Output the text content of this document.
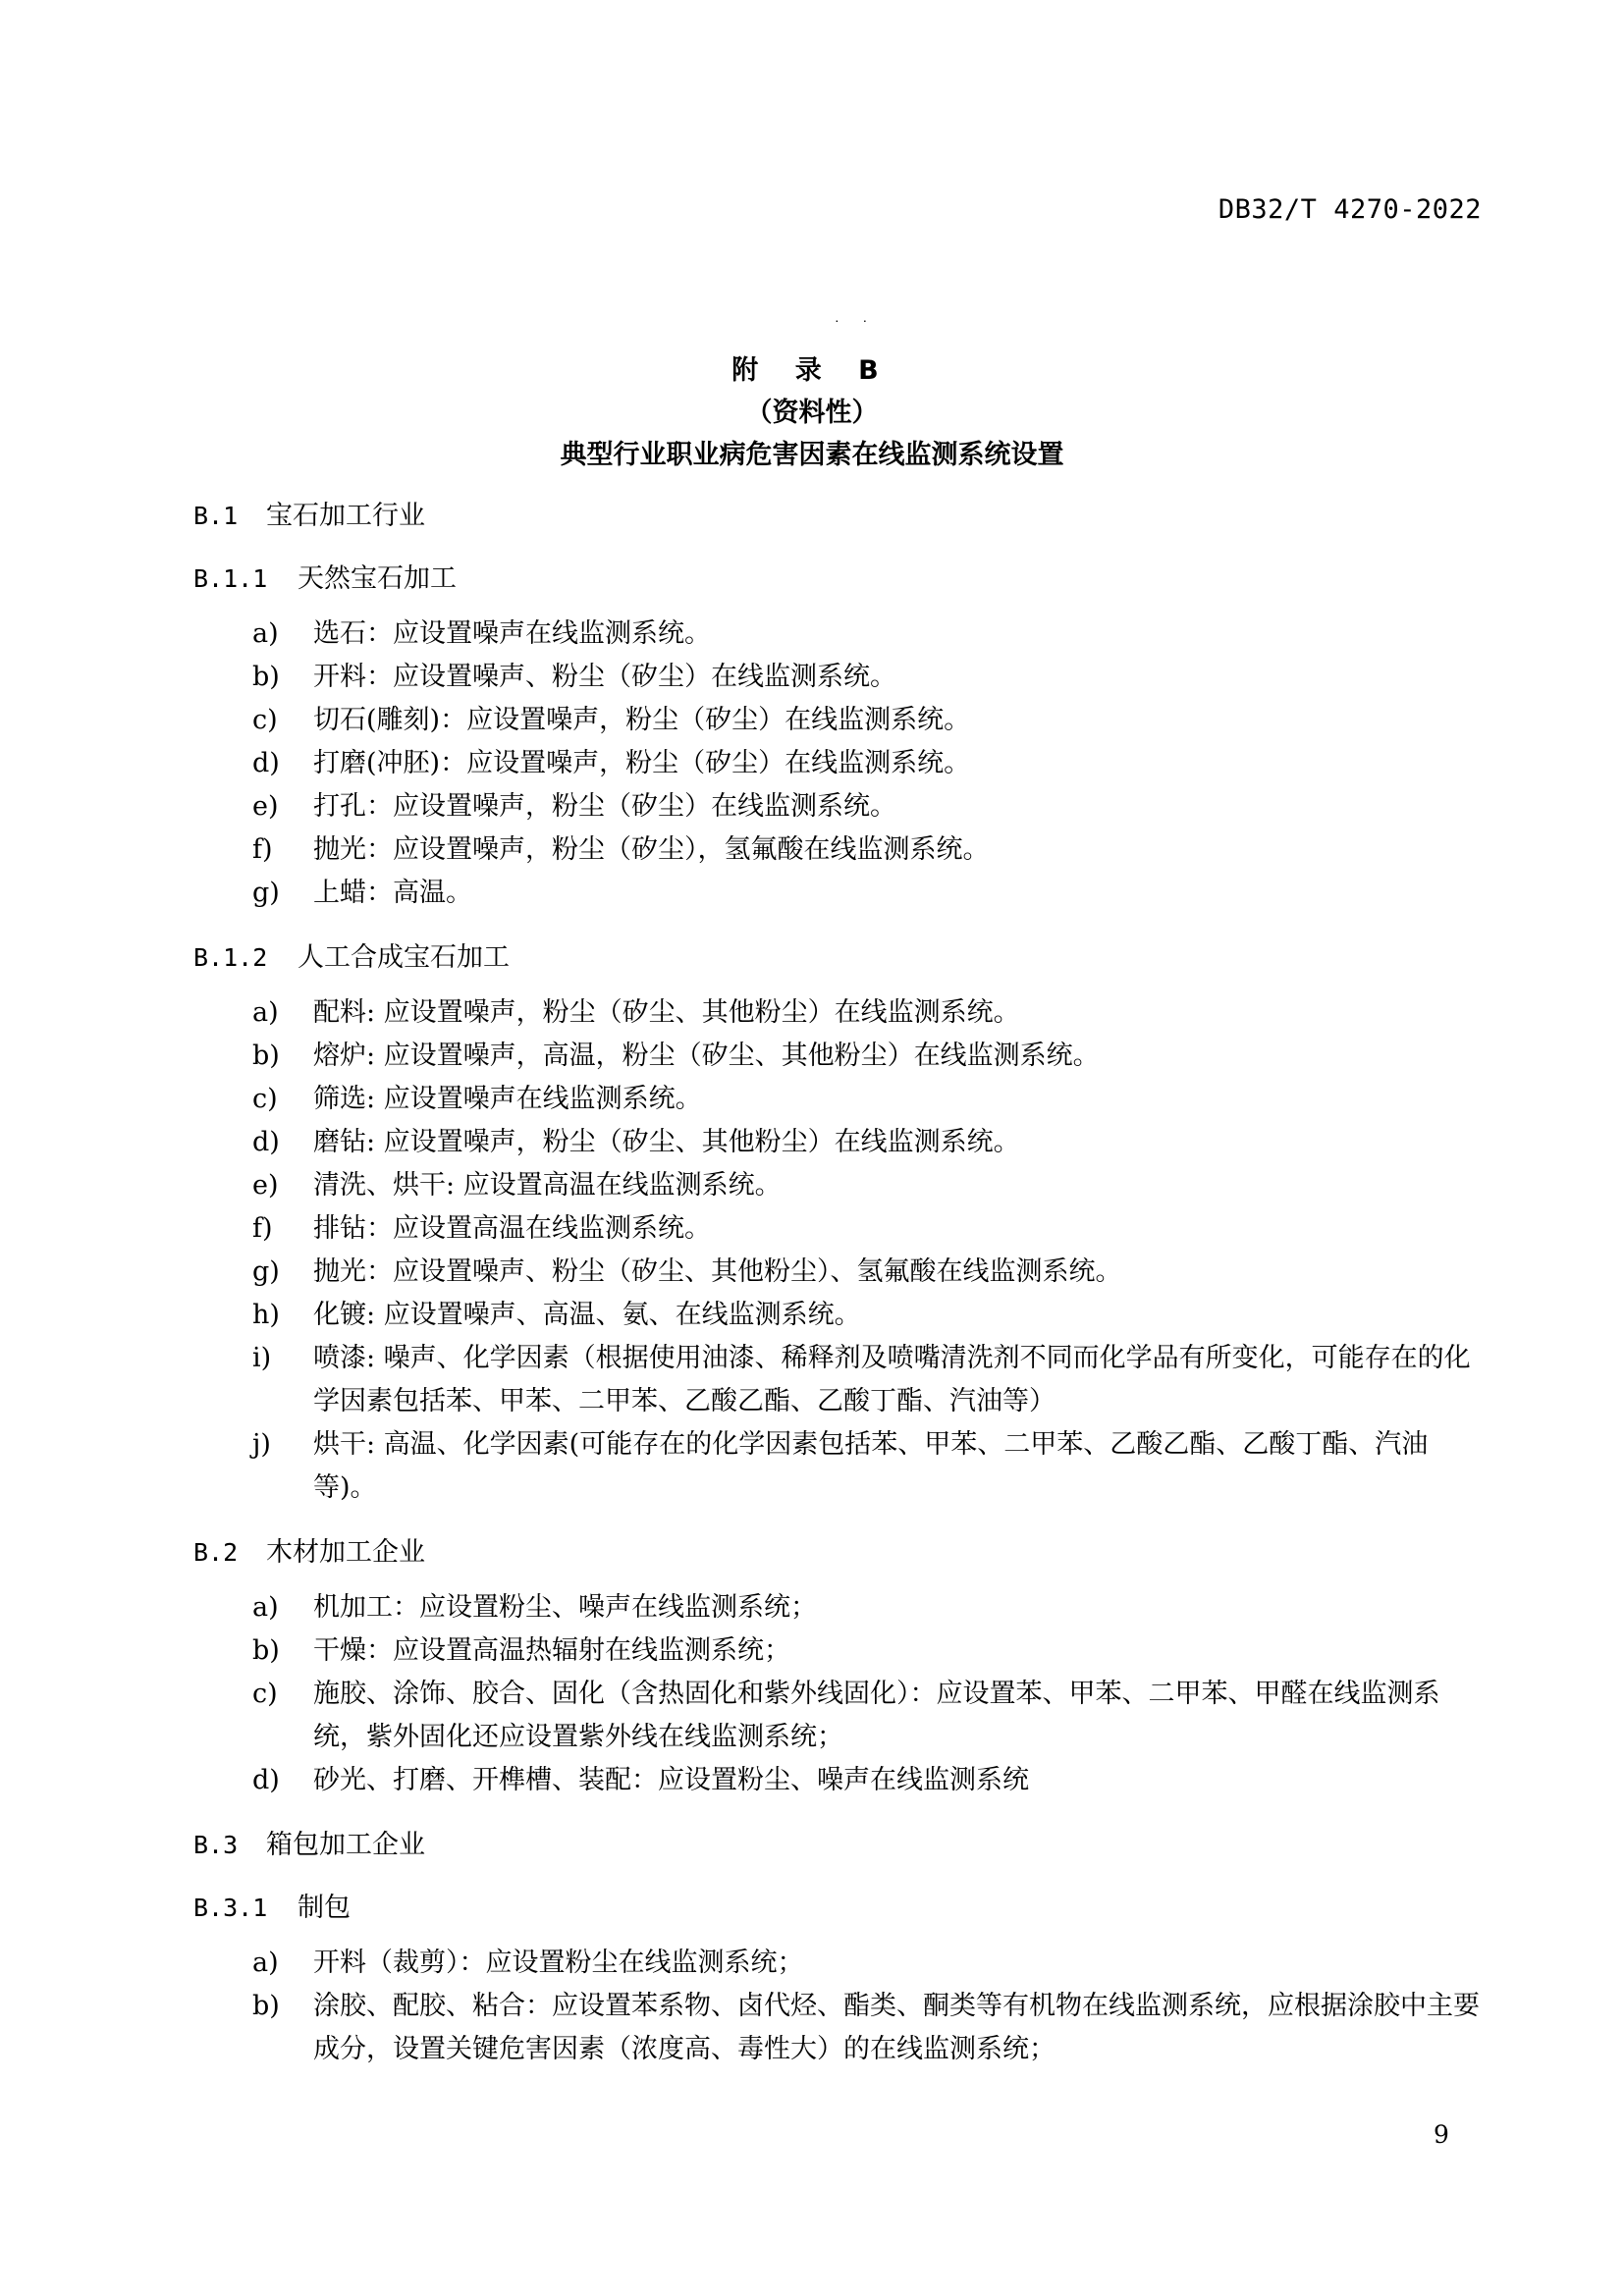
DB32/T 4270-2022
· ·
附 录 B
（资料性）
典型行业职业病危害因素在线监测系统设置
B.1 宝石加工行业
B.1.1 天然宝石加工
a)	选石：应设置噪声在线监测系统。
b)	开料：应设置噪声、粉尘（矽尘）在线监测系统。
c)	切石(雕刻)：应设置噪声，粉尘（矽尘）在线监测系统。
d)	打磨(冲胚)：应设置噪声，粉尘（矽尘）在线监测系统。
e)	打孔：应设置噪声，粉尘（矽尘）在线监测系统。
f)	抛光：应设置噪声，粉尘（矽尘），氢氟酸在线监测系统。
g)	上蜡：高温。
B.1.2 人工合成宝石加工
a)	配料: 应设置噪声，粉尘（矽尘、其他粉尘）在线监测系统。
b)	熔炉: 应设置噪声，高温，粉尘（矽尘、其他粉尘）在线监测系统。
c)	筛选: 应设置噪声在线监测系统。
d)	磨钻: 应设置噪声，粉尘（矽尘、其他粉尘）在线监测系统。
e)	清洗、烘干: 应设置高温在线监测系统。
f)	排钻：应设置高温在线监测系统。
g)	抛光：应设置噪声、粉尘（矽尘、其他粉尘）、氢氟酸在线监测系统。
h)	化镀: 应设置噪声、高温、氨、在线监测系统。
i)	喷漆: 噪声、化学因素（根据使用油漆、稀释剂及喷嘴清洗剂不同而化学品有所变化，可能存在的化学因素包括苯、甲苯、二甲苯、乙酸乙酯、乙酸丁酯、汽油等）
j)	烘干: 高温、化学因素(可能存在的化学因素包括苯、甲苯、二甲苯、乙酸乙酯、乙酸丁酯、汽油等)。
B.2 木材加工企业
a)	机加工：应设置粉尘、噪声在线监测系统；
b)	干燥：应设置高温热辐射在线监测系统；
c)	施胶、涂饰、胶合、固化（含热固化和紫外线固化）：应设置苯、甲苯、二甲苯、甲醛在线监测系统，紫外固化还应设置紫外线在线监测系统；
d)	砂光、打磨、开榫槽、装配：应设置粉尘、噪声在线监测系统
B.3 箱包加工企业
B.3.1 制包
a)	开料（裁剪）：应设置粉尘在线监测系统；
b)	涂胶、配胶、粘合：应设置苯系物、卤代烃、酯类、酮类等有机物在线监测系统，应根据涂胶中主要成分，设置关键危害因素（浓度高、毒性大）的在线监测系统；
9
